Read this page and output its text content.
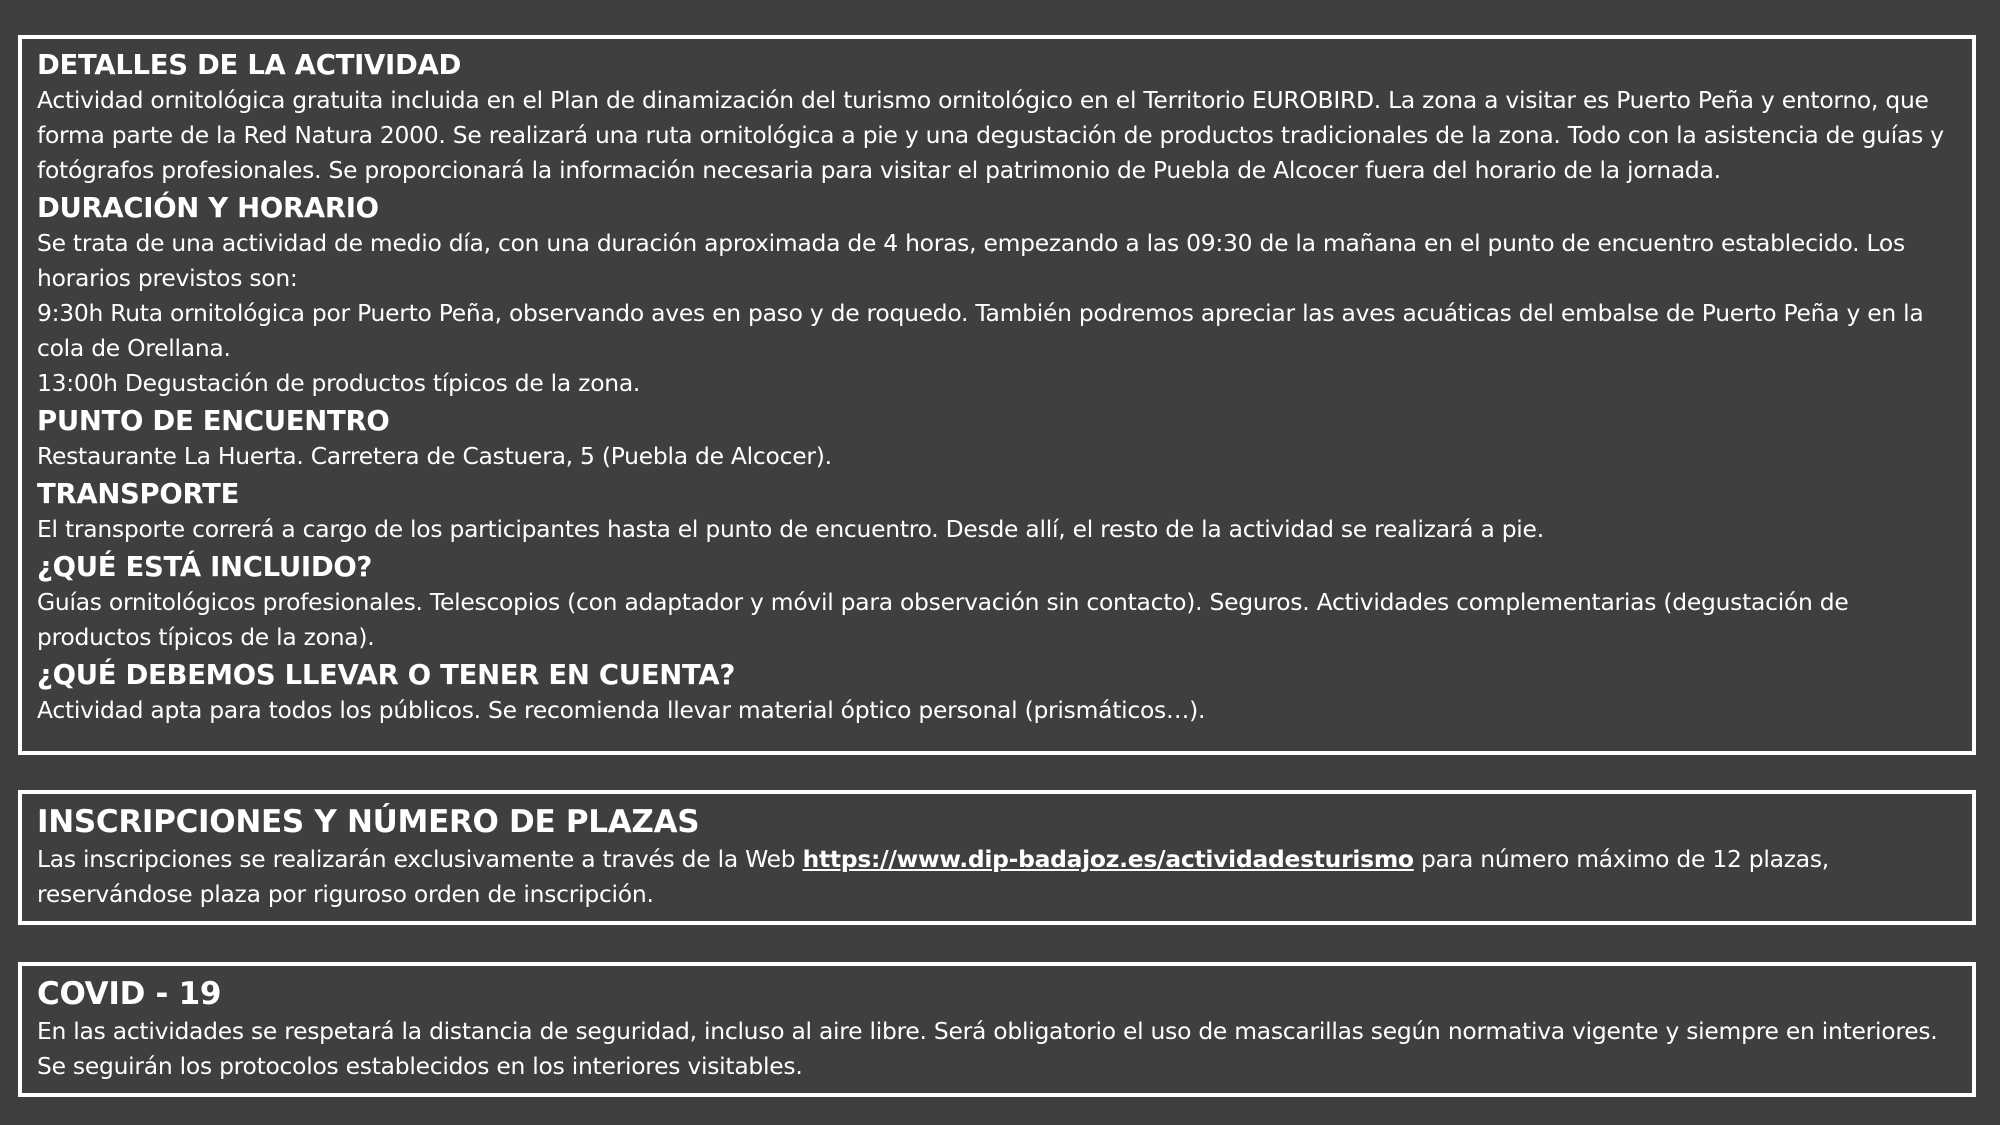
DETALLES DE LA ACTIVIDAD
Actividad ornitológica gratuita incluida en el Plan de dinamización del turismo ornitológico en el Territorio EUROBIRD. La zona a visitar es Puerto Peña y entorno, que forma parte de la Red Natura 2000. Se realizará una ruta ornitológica a pie y una degustación de productos tradicionales de la zona. Todo con la asistencia de guías y fotógrafos profesionales. Se proporcionará la información necesaria para visitar el patrimonio de Puebla de Alcocer fuera del horario de la jornada.
DURACIÓN Y HORARIO
Se trata de una actividad de medio día, con una duración aproximada de 4 horas, empezando a las 09:30 de la mañana en el punto de encuentro establecido. Los horarios previstos son:
9:30h Ruta ornitológica por Puerto Peña, observando aves en paso y de roquedo. También podremos apreciar las aves acuáticas del embalse de Puerto Peña y en la cola de Orellana.
13:00h Degustación de productos típicos de la zona.
PUNTO DE ENCUENTRO
Restaurante La Huerta. Carretera de Castuera, 5 (Puebla de Alcocer).
TRANSPORTE
El transporte correrá a cargo de los participantes hasta el punto de encuentro. Desde allí, el resto de la actividad se realizará a pie.
¿QUÉ ESTÁ INCLUIDO?
Guías ornitológicos profesionales. Telescopios (con adaptador y móvil para observación sin contacto). Seguros. Actividades complementarias (degustación de productos típicos de la zona).
¿QUÉ DEBEMOS LLEVAR O TENER EN CUENTA?
Actividad apta para todos los públicos. Se recomienda llevar material óptico personal (prismáticos…).
INSCRIPCIONES Y NÚMERO DE PLAZAS
Las inscripciones se realizarán exclusivamente a través de la Web https://www.dip-badajoz.es/actividadesturismo para número máximo de 12 plazas, reservándose plaza por riguroso orden de inscripción.
COVID - 19
En las actividades se respetará la distancia de seguridad, incluso al aire libre. Será obligatorio el uso de mascarillas según normativa vigente y siempre en interiores. Se seguirán los protocolos establecidos en los interiores visitables.
